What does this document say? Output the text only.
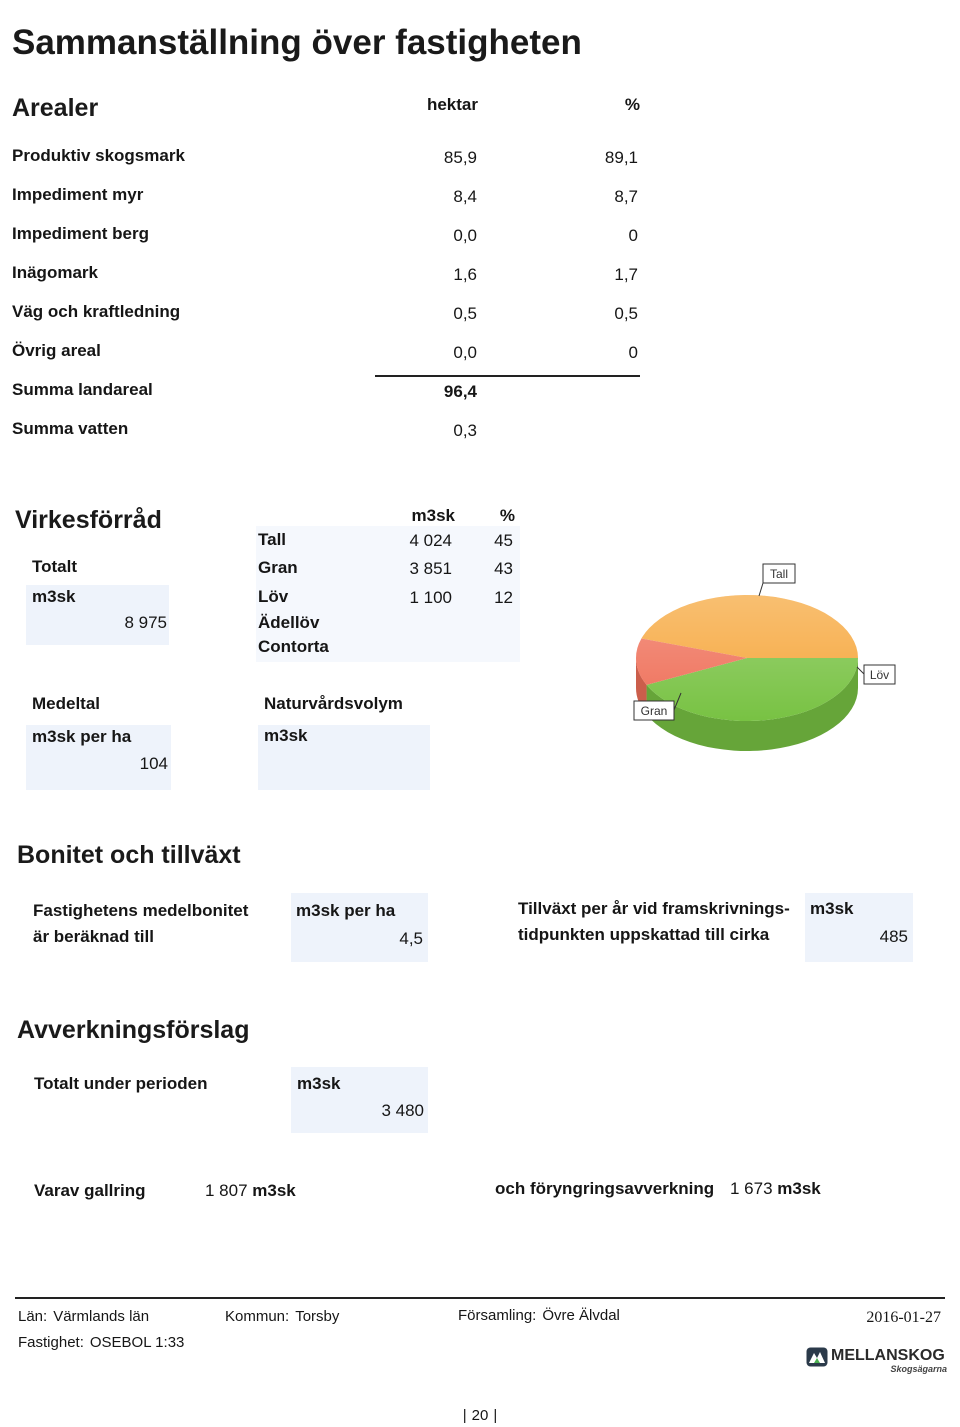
Sammanställning över fastigheten
Arealer	hektar	%
Produktiv skogsmark	85,9	89,1
Impediment myr	8,4	8,7
Impediment berg	0,0	0
Inägomark	1,6	1,7
Väg och kraftledning	0,5	0,5
Övrig areal	0,0	0
Summa landareal	96,4
Summa vatten	0,3
Virkesförråd
Totalt
m3sk
8 975
m3sk	%
Tall	4 024	45
Gran	3 851	43
Löv	1 100	12
Ädellöv
Contorta
Medeltal
m3sk per ha
104
Naturvårdsvolym
m3sk
Tall
Löv
Gran
Bonitet och tillväxt
Fastighetens medelbonitet
är beräknad till
m3sk per ha
4,5
Tillväxt per år vid framskrivnings-
tidpunkten uppskattad till cirka
m3sk
485
Avverkningsförslag
Totalt under perioden	m3sk
3 480
Varav gallring	1 807 m3sk	och föryngringsavverkning 1 673 m3sk
Län: Värmlands län	Kommun: Torsby	Församling: Övre Älvdal	2016-01-27
Fastighet: OSEBOL 1:33
MELLANSKOG
Skogsägarna
| 20 |
